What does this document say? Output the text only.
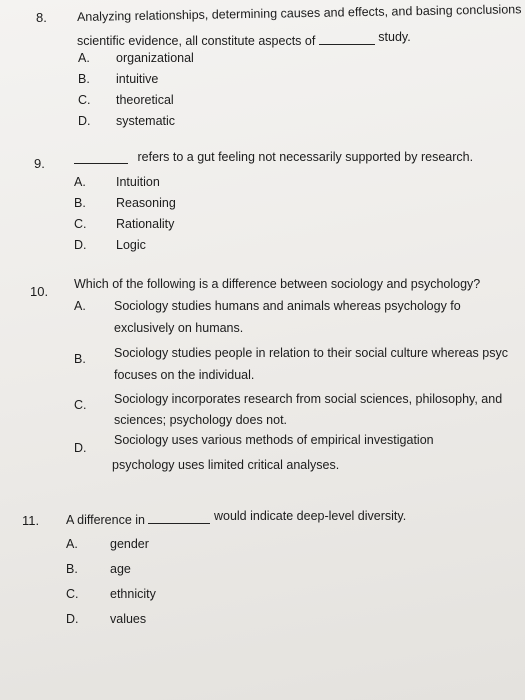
8. Analyzing relationships, determining causes and effects, and basing conclusions
scientific evidence, all constitute aspects of	study.
A. organizational
B. intuitive
C. theoretical
D. systematic
9.	refers to a gut feeling not necessarily supported by research.
A. Intuition
B. Reasoning
C. Rationality
D. Logic
10. Which of the following is a difference between sociology and psychology?
A. Sociology studies humans and animals whereas psychology fo
exclusively on humans.
B. Sociology studies people in relation to their social culture whereas psyc
focuses on the individual.
C. Sociology incorporates research from social sciences, philosophy, and
sciences; psychology does not.
D.
Sociology uses various methods of empirical investigation
psychology uses limited critical analyses.
11. A difference in	would indicate deep-level diversity.
A.	gender
B.	age
C.	ethnicity
D.	values
